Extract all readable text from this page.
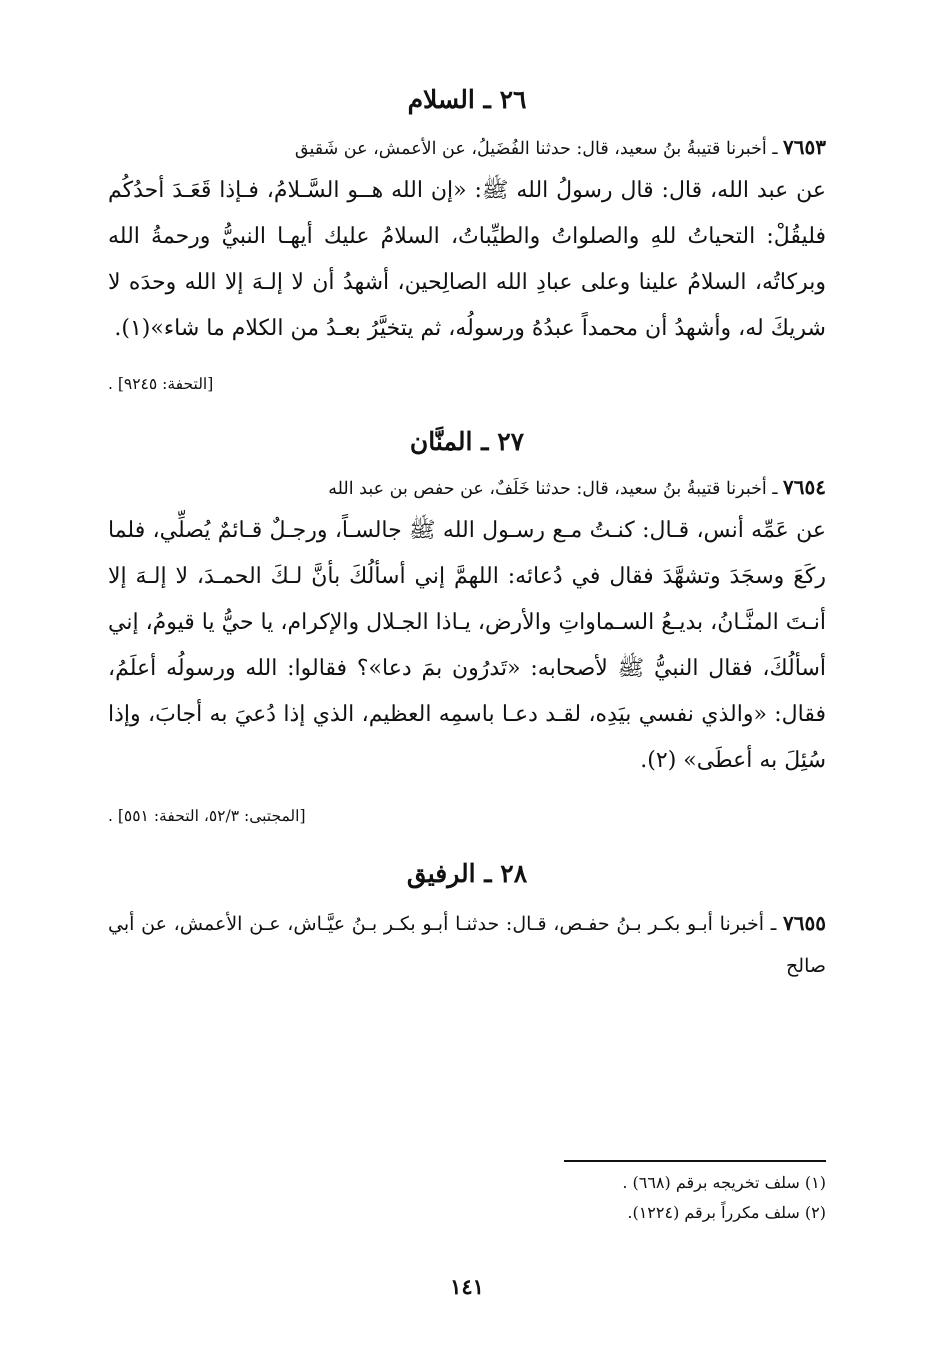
٢٦ ـ السلام

٧٦٥٣ ـ أخبرنا قتيبةُ بنُ سعيد، قال: حدثنا الفُضَيلُ، عن الأعمش، عن شَقيق

عن عبد الله، قال: قال رسولُ الله ﷺ: «إن الله هــو السَّـلامُ، فـإذا قَعَـدَ أحدُكُم فليقُلْ: التحياتُ للهِ والصلواتُ والطيِّباتُ، السلامُ عليك أيهـا النبيُّ ورحمةُ الله وبركاتُه، السلامُ علينا وعلى عبادِ الله الصالِحين، أشهدُ أن لا إلـهَ إلا الله وحدَه لا شريكَ له، وأشهدُ أن محمداً عبدُهُ ورسولُه، ثم يتخيَّرُ بعـدُ من الكلام ما شاء»(١).

[التحفة: ٩٢٤٥] .
٢٧ ـ المنَّان

٧٦٥٤ ـ أخبرنا قتيبةُ بنُ سعيد، قال: حدثنا خَلَفٌ، عن حفص بن عبد الله

عن عَمِّه أنس، قـال: كنـتُ مـع رسـول الله ﷺ جالسـاً، ورجـلٌ قـائمٌ يُصلِّي، فلما ركَعَ وسجَدَ وتشهَّدَ فقال في دُعائه: اللهمَّ إني أسألُكَ بأنَّ لـكَ الحمـدَ، لا إلـهَ إلا أنـتَ المنَّـانُ، بديـعُ السـماواتِ والأرض، يـاذا الجـلال والإكرام، يا حيُّ يا قيومُ، إني أسألُكَ، فقال النبيُّ ﷺ لأصحابه: «تَدرُون بمَ دعا»؟ فقالوا: الله ورسولُه أعلَمُ، فقال: «والذي نفسي بيَدِه، لقـد دعـا باسمِه العظيم، الذي إذا دُعيَ به أجابَ، وإذا سُئِلَ به أعطَى» (٢).

[المجتبى: ٥٢/٣، التحفة: ٥٥١] .
٢٨ ـ الرفيق

٧٦٥٥ ـ أخبرنا أبـو بكـر بـنُ حفـص، قـال: حدثنـا أبـو بكـر بـنُ عيَّـاش، عـن الأعمش، عن أبي صالح

(١) سلف تخريجه برقم (٦٦٨) .

(٢) سلف مكرراً برقم (١٢٢٤).

١٤١
